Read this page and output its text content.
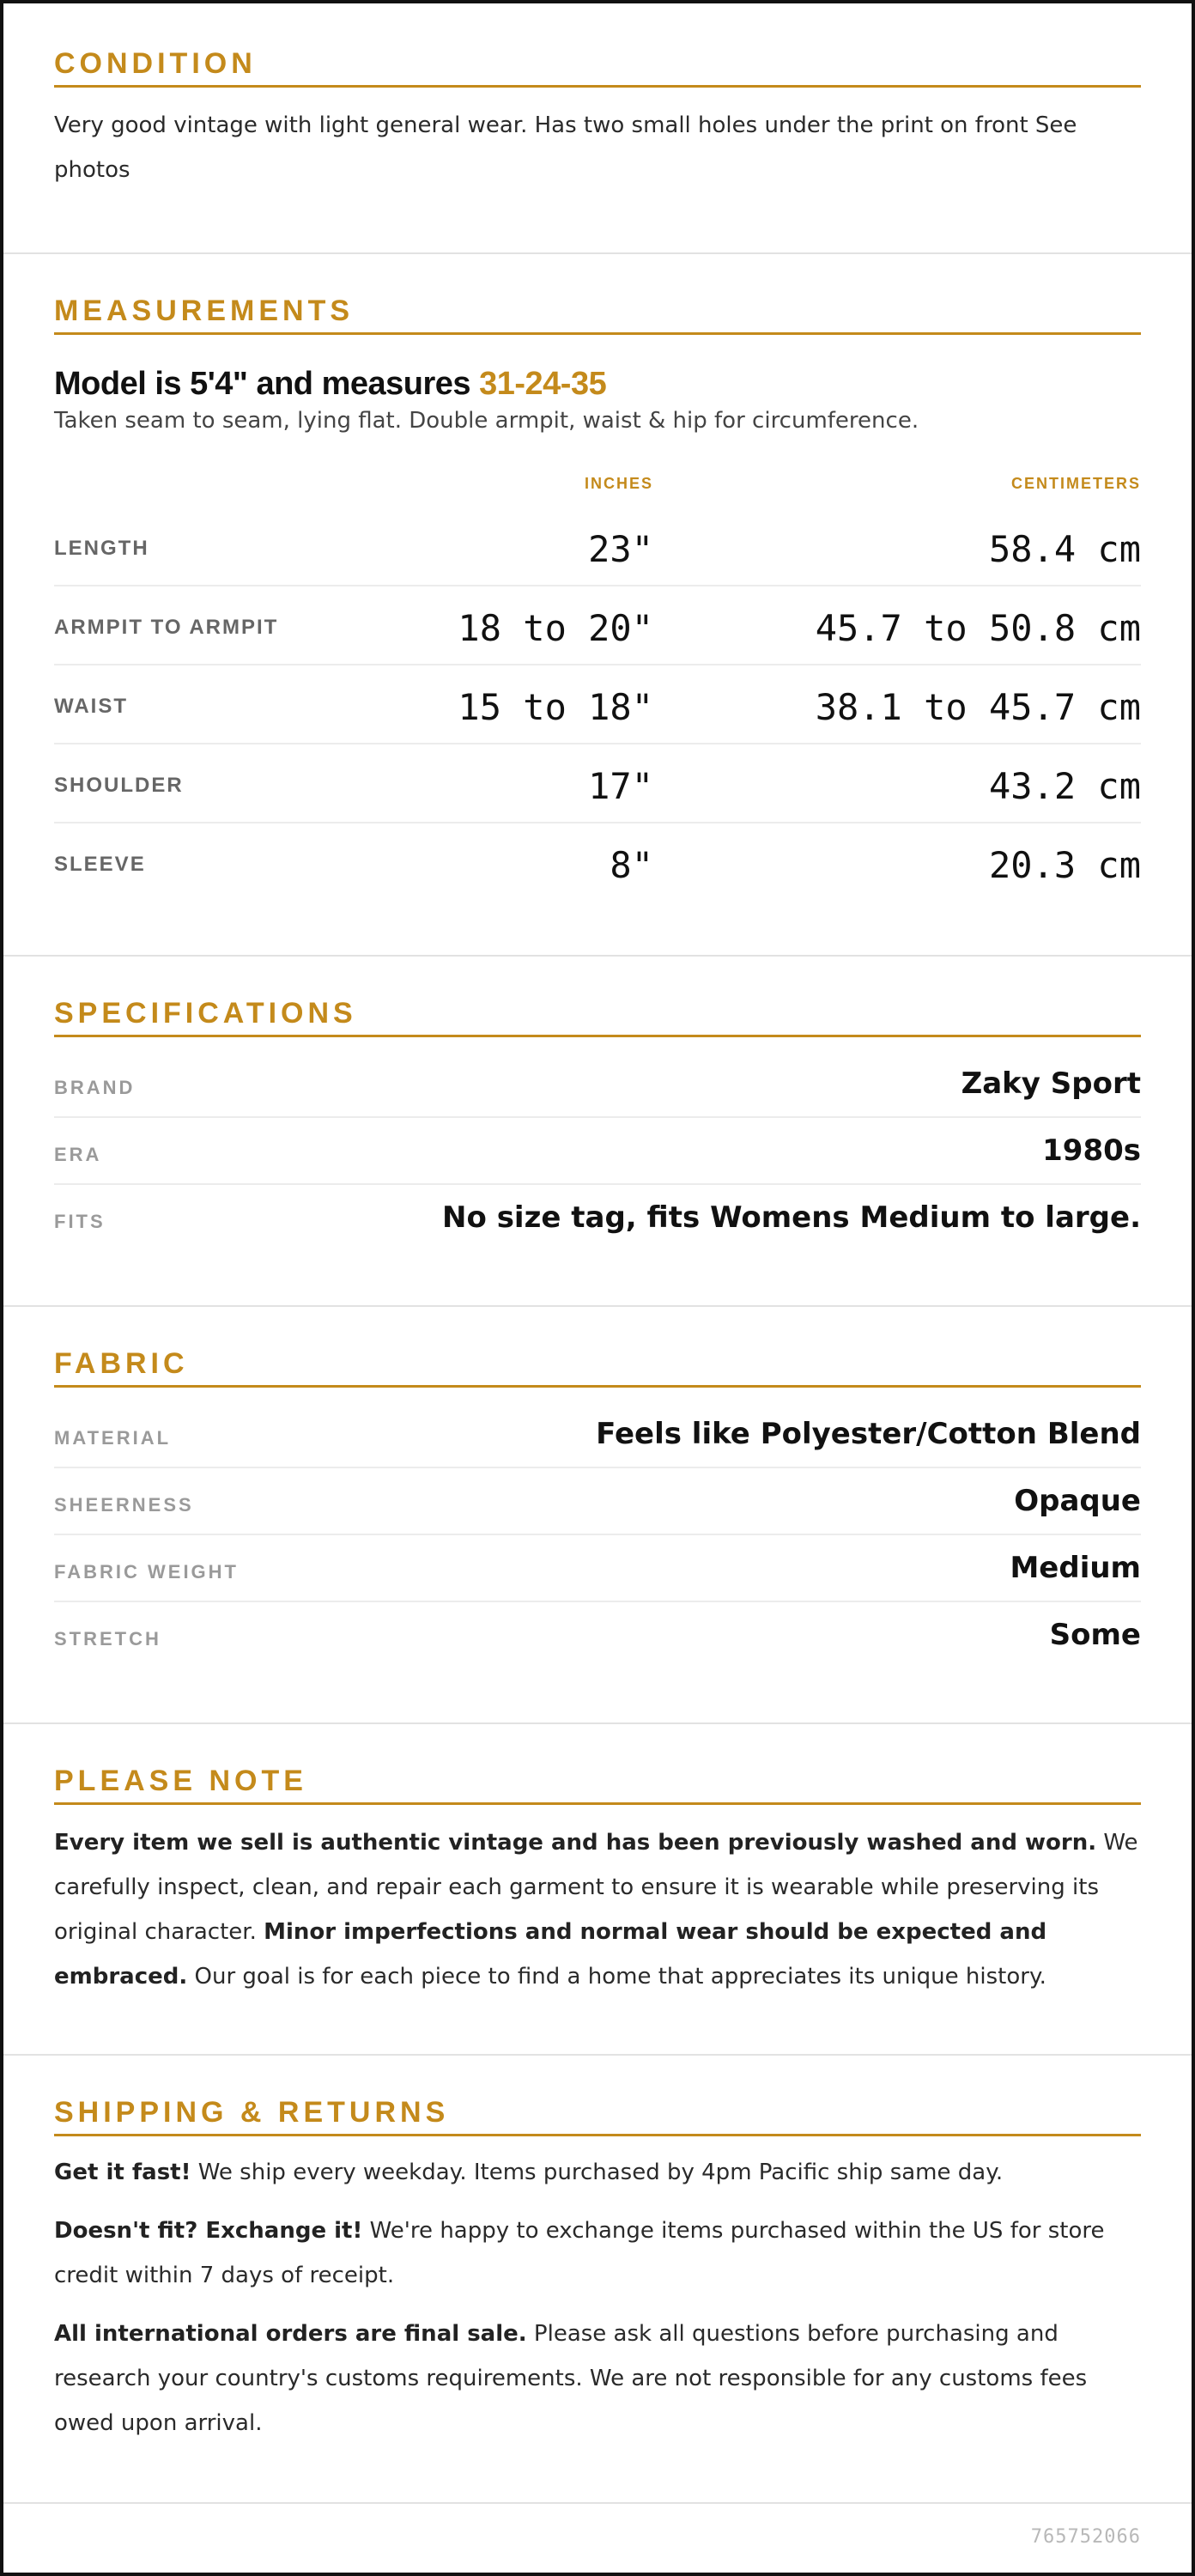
CONDITION

Very good vintage with light general wear. Has two small holes under the print on front See photos

MEASUREMENTS
Model is 5'4" and measures 31-24-35
Taken seam to seam, lying flat. Double armpit, waist & hip for circumference.
INCHES	CENTIMETERS
LENGTH	23"	58.4 cm
ARMPIT TO ARMPIT	18 to 20"	45.7 to 50.8 cm
WAIST	15 to 18"	38.1 to 45.7 cm
SHOULDER	17"	43.2 cm
SLEEVE	8"	20.3 cm
SPECIFICATIONS
BRAND	Zaky Sport
ERA	1980s
FITS	No size tag, fits Womens Medium to large.
FABRIC
MATERIAL	Feels like Polyester/Cotton Blend
SHEERNESS	Opaque
FABRIC WEIGHT	Medium
STRETCH	Some
PLEASE NOTE

Every item we sell is authentic vintage and has been previously washed and worn. We carefully inspect, clean, and repair each garment to ensure it is wearable while preserving its original character. Minor imperfections and normal wear should be expected and embraced. Our goal is for each piece to find a home that appreciates its unique history.

SHIPPING & RETURNS

Get it fast! We ship every weekday. Items purchased by 4pm Pacific ship same day.

Doesn't fit? Exchange it! We're happy to exchange items purchased within the US for store credit within 7 days of receipt.

All international orders are final sale. Please ask all questions before purchasing and research your country's customs requirements. We are not responsible for any customs fees owed upon arrival.

765752066
